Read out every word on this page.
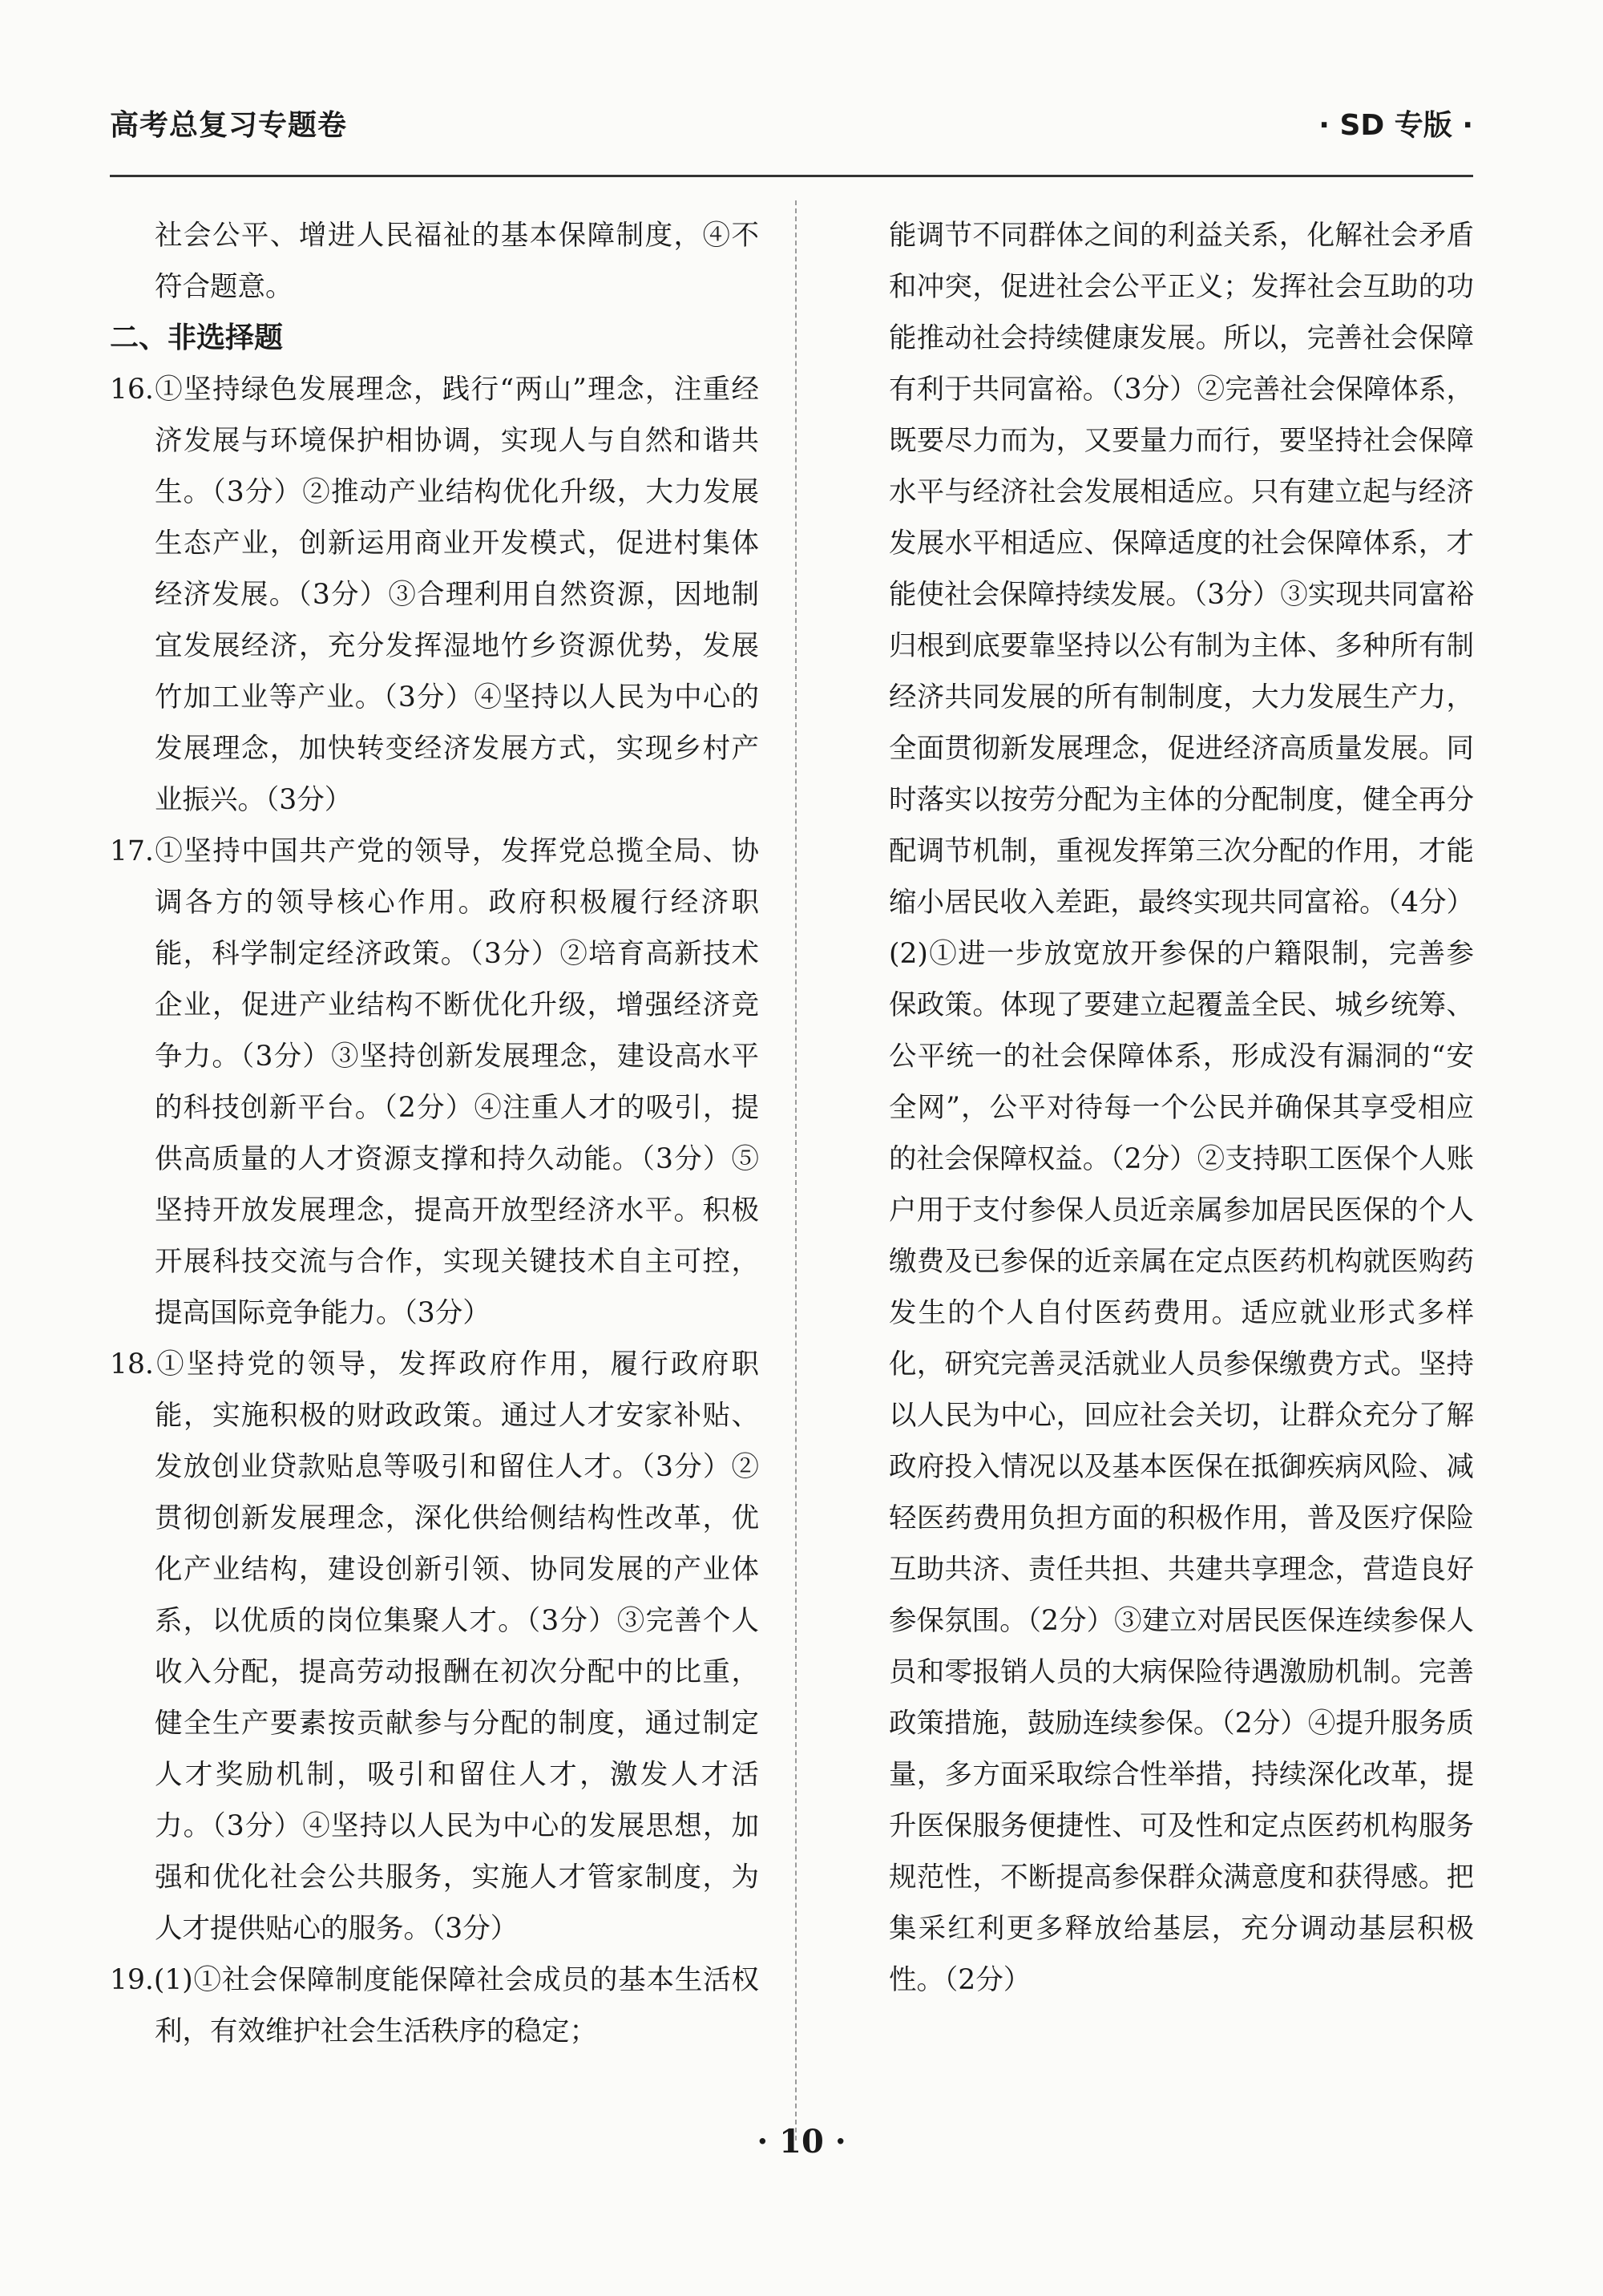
高考总复习专题卷	· SD 专版 ·

社会公平、增进人民福祉的基本保障制度，④不符合题意。

二、非选择题

16.①坚持绿色发展理念，践行“两山”理念，注重经济发展与环境保护相协调，实现人与自然和谐共生。（3分）②推动产业结构优化升级，大力发展生态产业，创新运用商业开发模式，促进村集体经济发展。（3分）③合理利用自然资源，因地制宜发展经济，充分发挥湿地竹乡资源优势，发展竹加工业等产业。（3分）④坚持以人民为中心的发展理念，加快转变经济发展方式，实现乡村产业振兴。（3分）

17.①坚持中国共产党的领导，发挥党总揽全局、协调各方的领导核心作用。政府积极履行经济职能，科学制定经济政策。（3分）②培育高新技术企业，促进产业结构不断优化升级，增强经济竞争力。（3分）③坚持创新发展理念，建设高水平的科技创新平台。（2分）④注重人才的吸引，提供高质量的人才资源支撑和持久动能。（3分）⑤坚持开放发展理念，提高开放型经济水平。积极开展科技交流与合作，实现关键技术自主可控，提高国际竞争能力。（3分）

18.①坚持党的领导，发挥政府作用，履行政府职能，实施积极的财政政策。通过人才安家补贴、发放创业贷款贴息等吸引和留住人才。（3分）②贯彻创新发展理念，深化供给侧结构性改革，优化产业结构，建设创新引领、协同发展的产业体系，以优质的岗位集聚人才。（3分）③完善个人收入分配，提高劳动报酬在初次分配中的比重，健全生产要素按贡献参与分配的制度，通过制定人才奖励机制，吸引和留住人才，激发人才活力。（3分）④坚持以人民为中心的发展思想，加强和优化社会公共服务，实施人才管家制度，为人才提供贴心的服务。（3分）

19.(1)①社会保障制度能保障社会成员的基本生活权利，有效维护社会生活秩序的稳定；

能调节不同群体之间的利益关系，化解社会矛盾和冲突，促进社会公平正义；发挥社会互助的功能推动社会持续健康发展。所以，完善社会保障有利于共同富裕。（3分）②完善社会保障体系，既要尽力而为，又要量力而行，要坚持社会保障水平与经济社会发展相适应。只有建立起与经济发展水平相适应、保障适度的社会保障体系，才能使社会保障持续发展。（3分）③实现共同富裕归根到底要靠坚持以公有制为主体、多种所有制经济共同发展的所有制制度，大力发展生产力，全面贯彻新发展理念，促进经济高质量发展。同时落实以按劳分配为主体的分配制度，健全再分配调节机制，重视发挥第三次分配的作用，才能缩小居民收入差距，最终实现共同富裕。（4分）(2)①进一步放宽放开参保的户籍限制，完善参保政策。体现了要建立起覆盖全民、城乡统筹、公平统一的社会保障体系，形成没有漏洞的“安全网”，公平对待每一个公民并确保其享受相应的社会保障权益。（2分）②支持职工医保个人账户用于支付参保人员近亲属参加居民医保的个人缴费及已参保的近亲属在定点医药机构就医购药发生的个人自付医药费用。适应就业形式多样化，研究完善灵活就业人员参保缴费方式。坚持以人民为中心，回应社会关切，让群众充分了解政府投入情况以及基本医保在抵御疾病风险、减轻医药费用负担方面的积极作用，普及医疗保险互助共济、责任共担、共建共享理念，营造良好参保氛围。（2分）③建立对居民医保连续参保人员和零报销人员的大病保险待遇激励机制。完善政策措施，鼓励连续参保。（2分）④提升服务质量，多方面采取综合性举措，持续深化改革，提升医保服务便捷性、可及性和定点医药机构服务规范性，不断提高参保群众满意度和获得感。把集采红利更多释放给基层，充分调动基层积极性。（2分）

· 10 ·
